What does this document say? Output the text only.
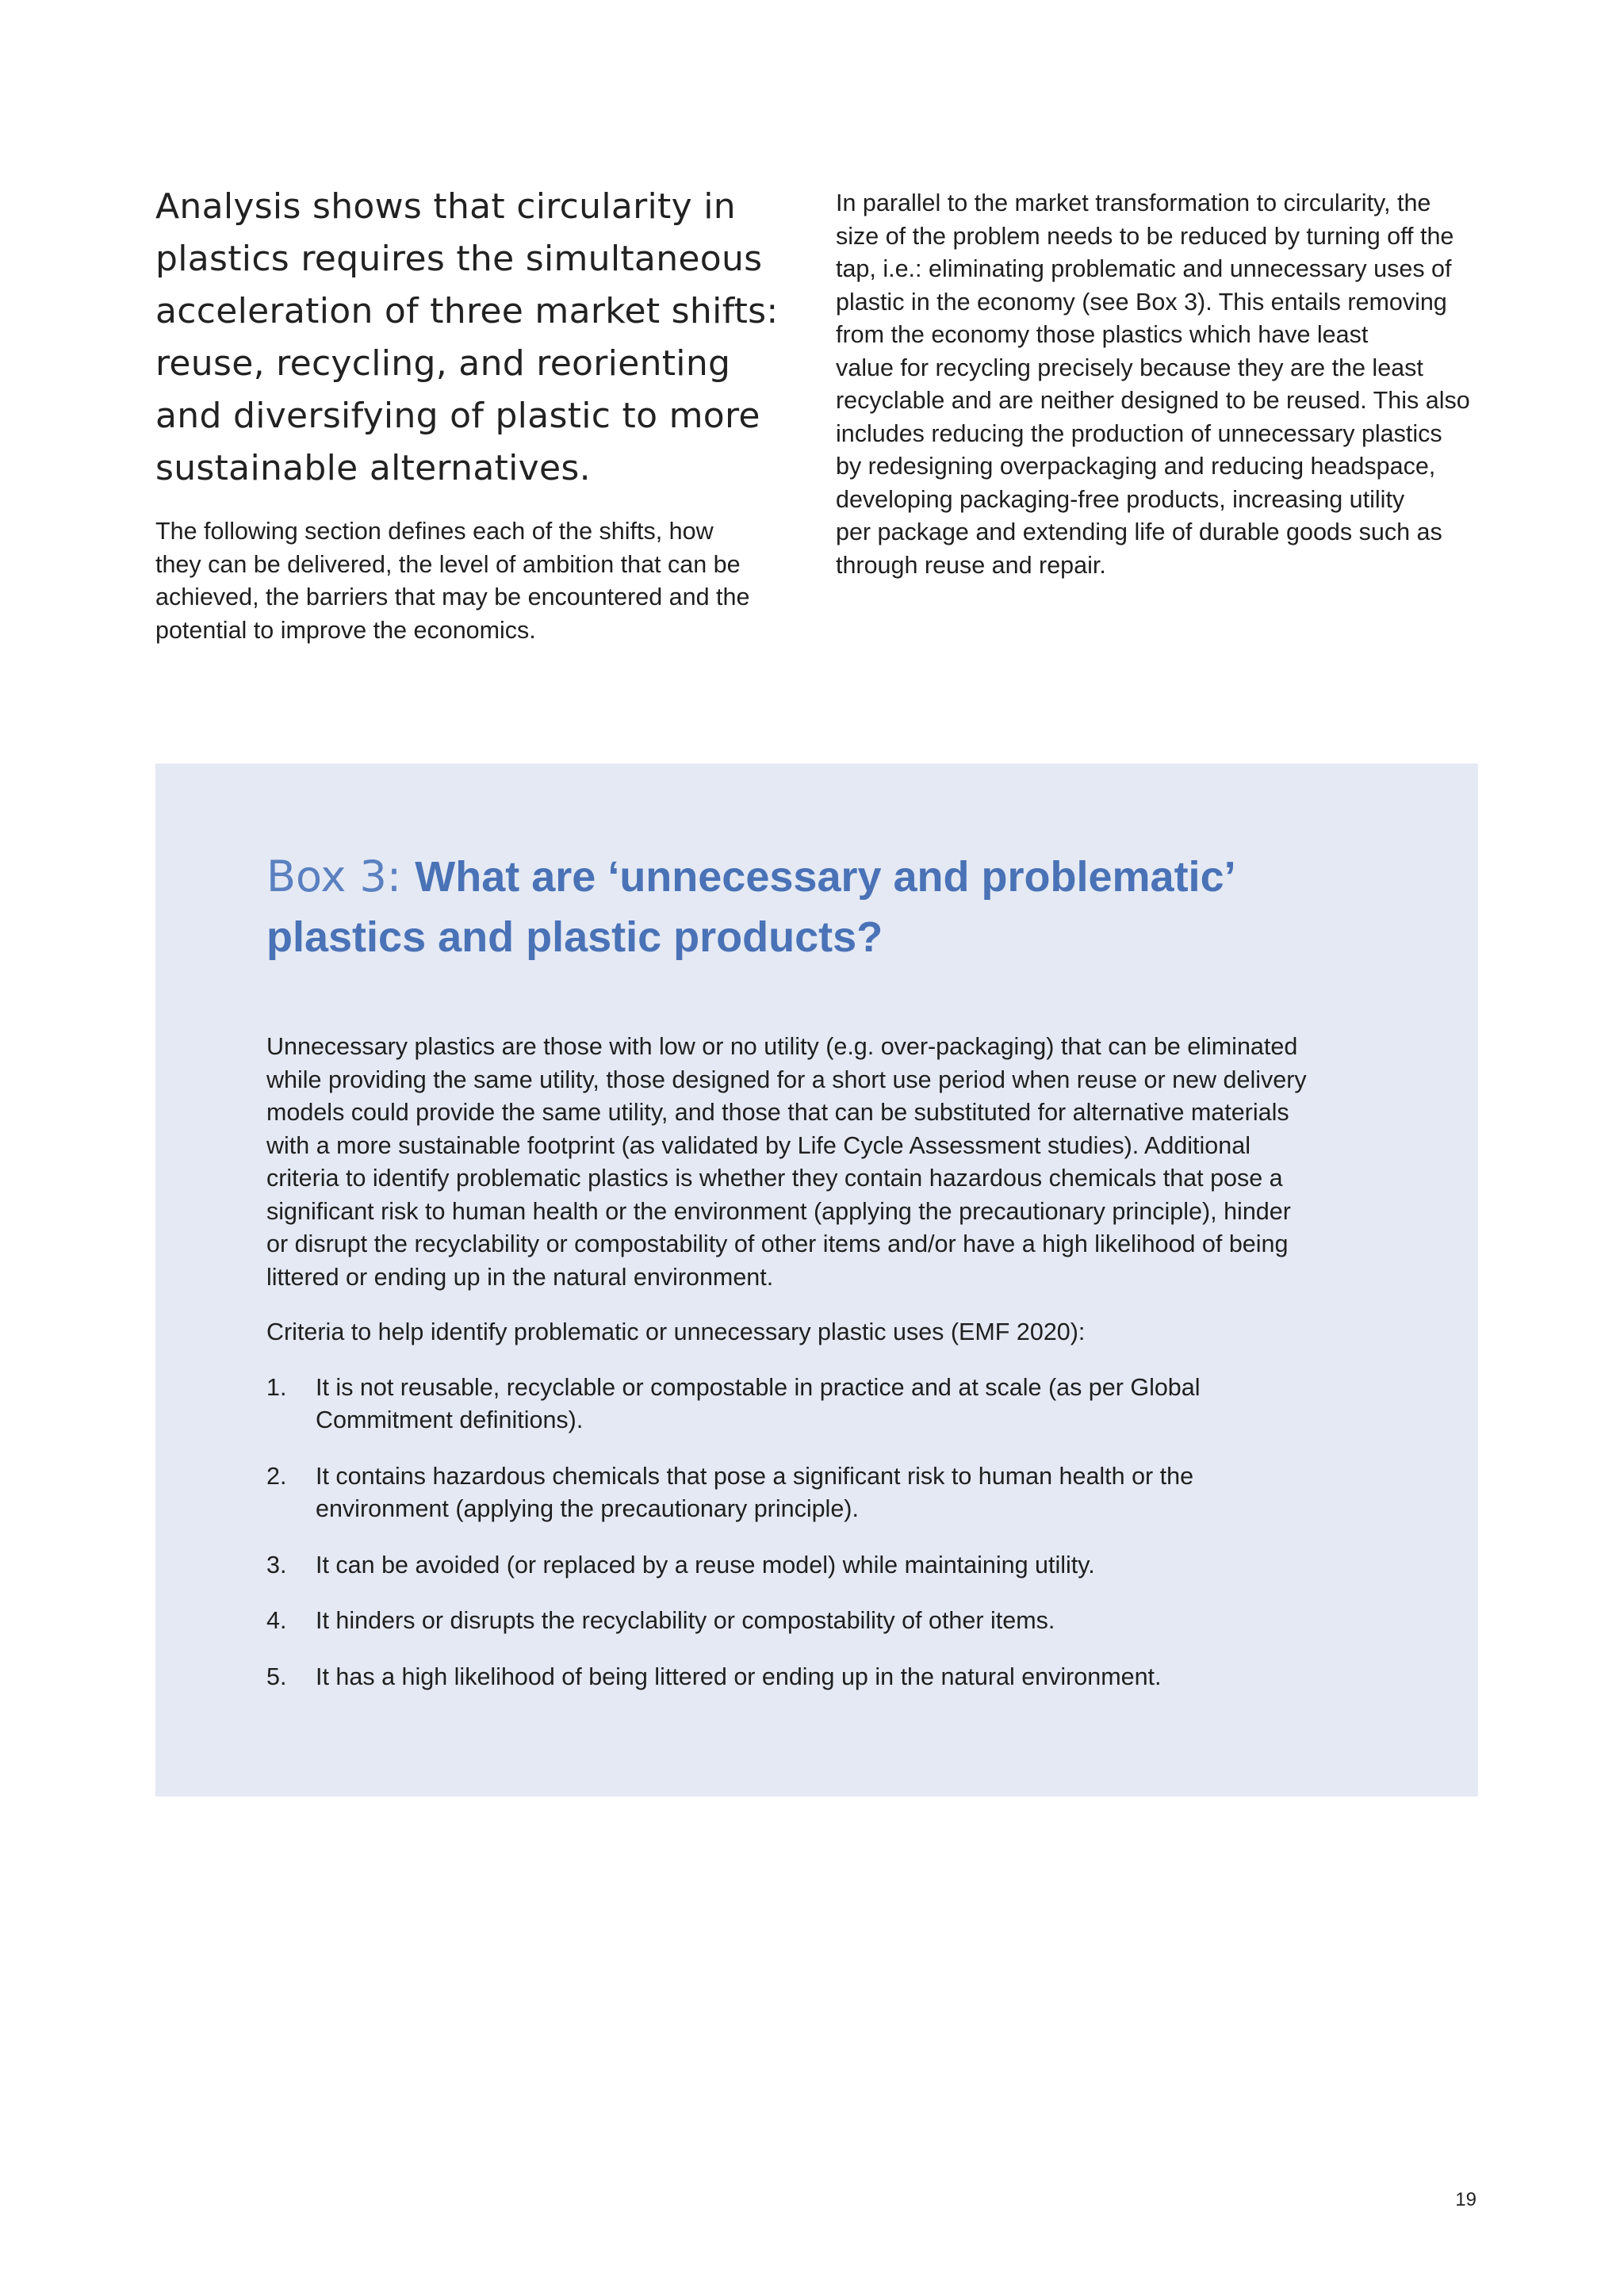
Analysis shows that circularity in
plastics requires the simultaneous
acceleration of three market shifts:
reuse, recycling, and reorienting
and diversifying of plastic to more
sustainable alternatives.

The following section defines each of the shifts, how
they can be delivered, the level of ambition that can be
achieved, the barriers that may be encountered and the
potential to improve the economics.

In parallel to the market transformation to circularity, the
size of the problem needs to be reduced by turning off the
tap, i.e.: eliminating problematic and unnecessary uses of
plastic in the economy (see Box 3). This entails removing
from the economy those plastics which have least
value for recycling precisely because they are the least
recyclable and are neither designed to be reused. This also
includes reducing the production of unnecessary plastics
by redesigning overpackaging and reducing headspace,
developing packaging-free products, increasing utility
per package and extending life of durable goods such as
through reuse and repair.

Box 3: What are ‘unnecessary and problematic’ plastics and plastic products?

Unnecessary plastics are those with low or no utility (e.g. over-packaging) that can be eliminated
while providing the same utility, those designed for a short use period when reuse or new delivery
models could provide the same utility, and those that can be substituted for alternative materials
with a more sustainable footprint (as validated by Life Cycle Assessment studies). Additional
criteria to identify problematic plastics is whether they contain hazardous chemicals that pose a
significant risk to human health or the environment (applying the precautionary principle), hinder
or disrupt the recyclability or compostability of other items and/or have a high likelihood of being
littered or ending up in the natural environment.

Criteria to help identify problematic or unnecessary plastic uses (EMF 2020):

1.	It is not reusable, recyclable or compostable in practice and at scale (as per Global
Commitment definitions).
2.	It contains hazardous chemicals that pose a significant risk to human health or the
environment (applying the precautionary principle).
3.	It can be avoided (or replaced by a reuse model) while maintaining utility.
4.	It hinders or disrupts the recyclability or compostability of other items.
5.	It has a high likelihood of being littered or ending up in the natural environment.
19
